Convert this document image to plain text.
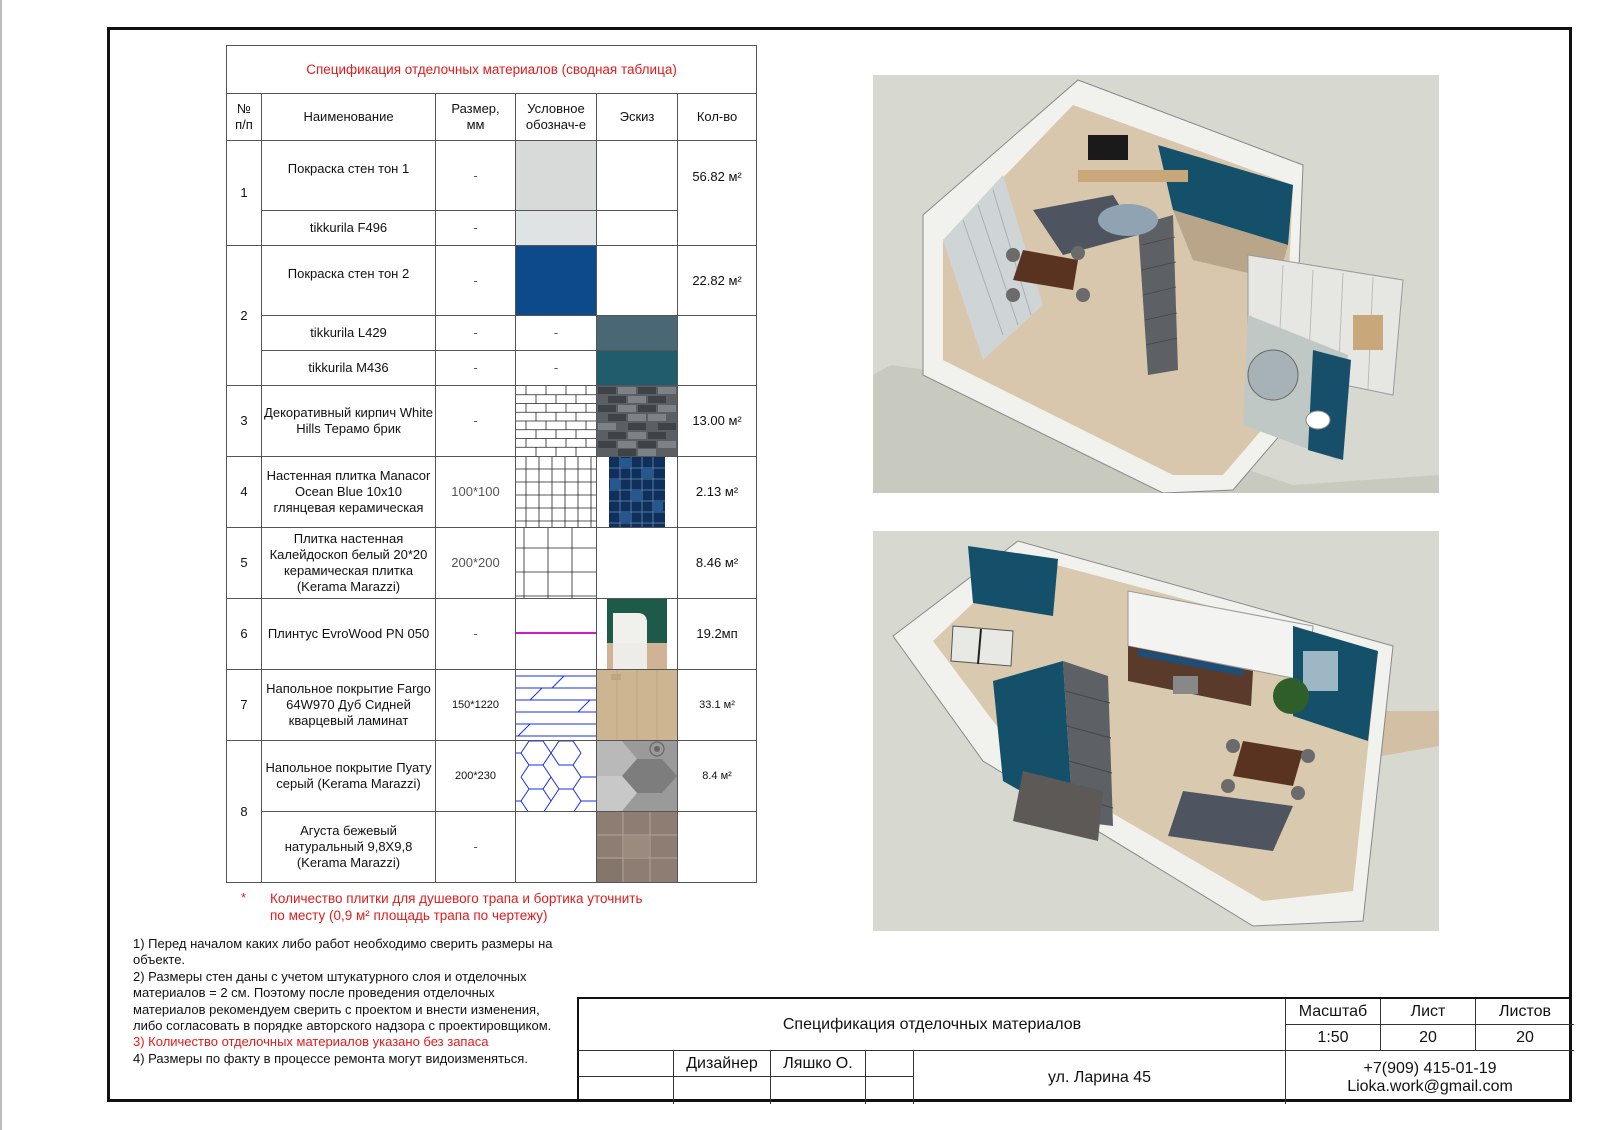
Спецификация отделочных материалов (сводная таблица)					
№ п/п	Наименование	Размер, мм	Условное обознач-е	Эскиз	Кол-во
1	Покраска стен тон 1	-			56.82 м²
	tikkurila F496	-			
2	Покраска стен тон 2	-			22.82 м²
	tikkurila L429	-	-		
	tikkurila M436	-	-		
3	Декоративный кирпич White Hills Терамо брик	-			13.00 м²
4	Настенная плитка Manacor Ocean Blue 10x10 глянцевая керамическая	100*100			2.13 м²
5	Плитка настенная Калейдоскоп белый 20*20 керамическая плитка (Kerama Marazzi)	200*200			8.46 м²
6	Плинтус EvroWood PN 050	-			19.2мп
7	Напольное покрытие Fargo 64W970 Дуб Сидней кварцевый ламинат	150*1220			33.1 м²
8	Напольное покрытие Пуату серый (Kerama Marazzi)	200*230			8.4 м²
	Агуста бежевый натуральный 9,8Х9,8 (Kerama Marazzi)	-		

* Количество плитки для душевого трапа и бортика уточнить по месту (0,9 м² площадь трапа по чертежу)
1) Перед началом каких либо работ необходимо сверить размеры на объекте.
2) Размеры стен даны с учетом штукатурного слоя и отделочных материалов = 2 см. Поэтому после проведения отделочных материалов рекомендуем сверить с проектом и внести изменения, либо согласовать в порядке авторского надзора с проектировщиком.
3) Количество отделочных материалов указано без запаса
4) Размеры по факту в процессе ремонта могут видоизменяться.
Спецификация отделочных материалов
Масштаб	Лист	Листов
1:50	20	20
Дизайнер	Ляшко О.
ул. Ларина 45
+7(909) 415-01-19
Lioka.work@gmail.com
